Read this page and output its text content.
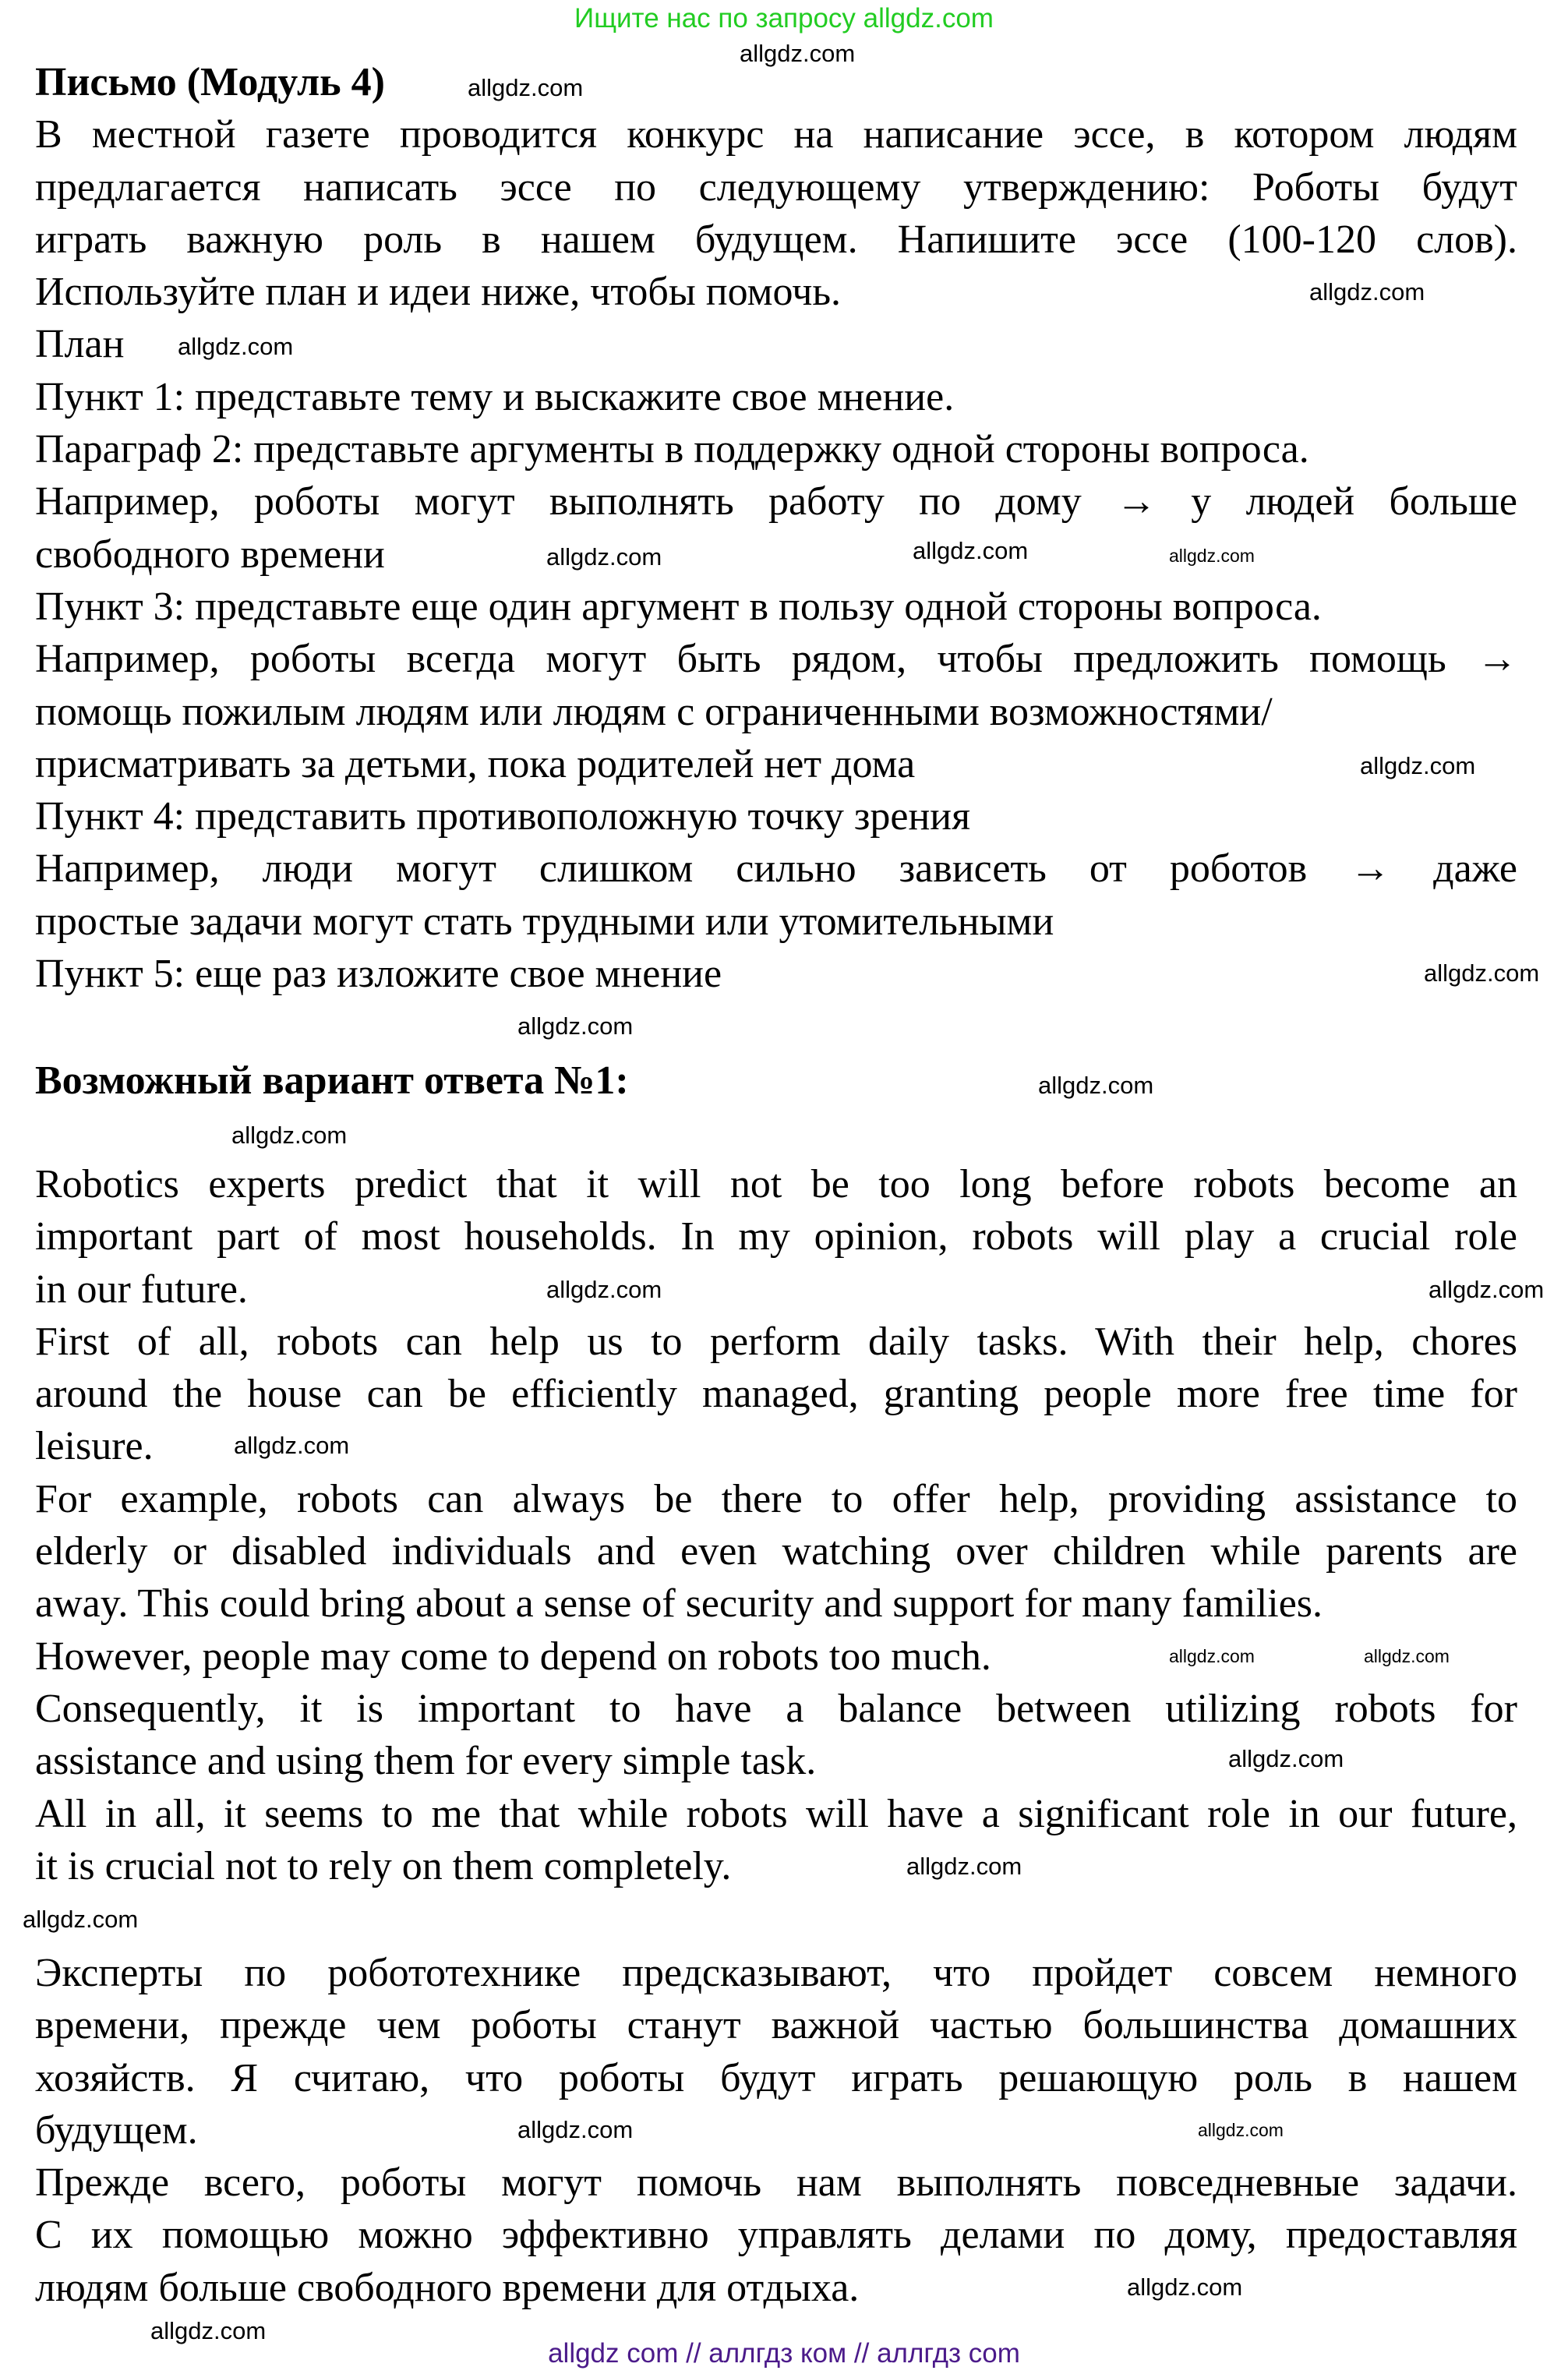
Ищите нас по запросу allgdz.com
Письмо (Модуль 4)
В местной газете проводится конкурс на написание эссе, в котором людям
предлагается написать эссе по следующему утверждению: Роботы будут
играть важную роль в нашем будущем. Напишите эссе (100-120 слов).
Используйте план и идеи ниже, чтобы помочь.
План
Пункт 1: представьте тему и выскажите свое мнение.
Параграф 2: представьте аргументы в поддержку одной стороны вопроса.
Например, роботы могут выполнять работу по дому → у людей больше
свободного времени
Пункт 3: представьте еще один аргумент в пользу одной стороны вопроса.
Например, роботы всегда могут быть рядом, чтобы предложить помощь →
помощь пожилым людям или людям с ограниченными возможностями/
присматривать за детьми, пока родителей нет дома
Пункт 4: представить противоположную точку зрения
Например, люди могут слишком сильно зависеть от роботов → даже
простые задачи могут стать трудными или утомительными
Пункт 5: еще раз изложите свое мнение
Возможный вариант ответа №1:
Robotics experts predict that it will not be too long before robots become an
important part of most households. In my opinion, robots will play a crucial role
in our future.
First of all, robots can help us to perform daily tasks. With their help, chores
around the house can be efficiently managed, granting people more free time for
leisure.
For example, robots can always be there to offer help, providing assistance to
elderly or disabled individuals and even watching over children while parents are
away. This could bring about a sense of security and support for many families.
However, people may come to depend on robots too much.
Consequently, it is important to have a balance between utilizing robots for
assistance and using them for every simple task.
All in all, it seems to me that while robots will have a significant role in our future,
it is crucial not to rely on them completely.
Эксперты по робототехнике предсказывают, что пройдет совсем немного
времени, прежде чем роботы станут важной частью большинства домашних
хозяйств. Я считаю, что роботы будут играть решающую роль в нашем
будущем.
Прежде всего, роботы могут помочь нам выполнять повседневные задачи.
С их помощью можно эффективно управлять делами по дому, предоставляя
людям больше свободного времени для отдыха.
allgdz.com
allgdz.com
allgdz.com
allgdz.com
allgdz.com
allgdz.com	allgdz.com
allgdz.com
allgdz.com
allgdz.com
allgdz.com
allgdz.com
allgdz.com	allgdz.com
allgdz.com
allgdz.com	allgdz.com
allgdz.com
allgdz.com
allgdz.com
allgdz.com
allgdz.com
allgdz.com
allgdz.com
allgdz com // аллгдз ком // аллгдз com
